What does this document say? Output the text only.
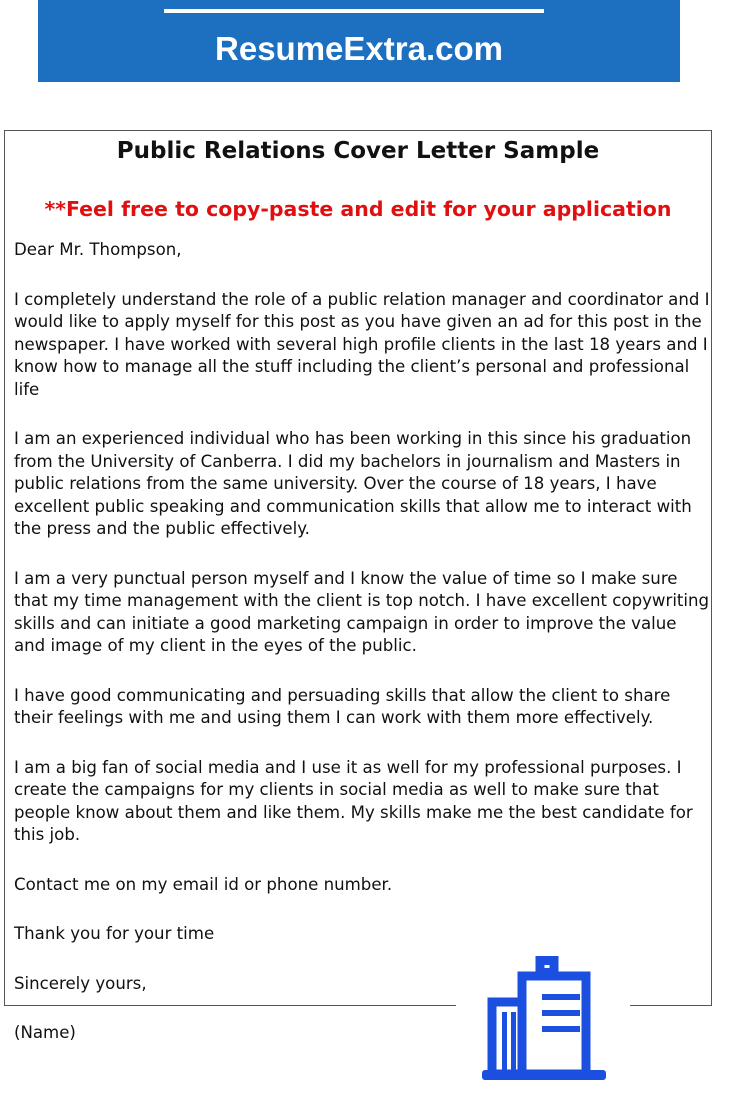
ResumeExtra.com
Public Relations Cover Letter Sample
**Feel free to copy-paste and edit for your application

Dear Mr. Thompson,

I completely understand the role of a public relation manager and coordinator and I would like to apply myself for this post as you have given an ad for this post in the newspaper. I have worked with several high profile clients in the last 18 years and I know how to manage all the stuff including the client’s personal and professional life

I am an experienced individual who has been working in this since his graduation from the University of Canberra. I did my bachelors in journalism and Masters in public relations from the same university. Over the course of 18 years, I have excellent public speaking and communication skills that allow me to interact with the press and the public effectively.

I am a very punctual person myself and I know the value of time so I make sure that my time management with the client is top notch. I have excellent copywriting skills and can initiate a good marketing campaign in order to improve the value and image of my client in the eyes of the public.

I have good communicating and persuading skills that allow the client to share their feelings with me and using them I can work with them more effectively.

I am a big fan of social media and I use it as well for my professional purposes. I create the campaigns for my clients in social media as well to make sure that people know about them and like them. My skills make me the best candidate for this job.

Contact me on my email id or phone number.

Thank you for your time

Sincerely yours,

(Name)
